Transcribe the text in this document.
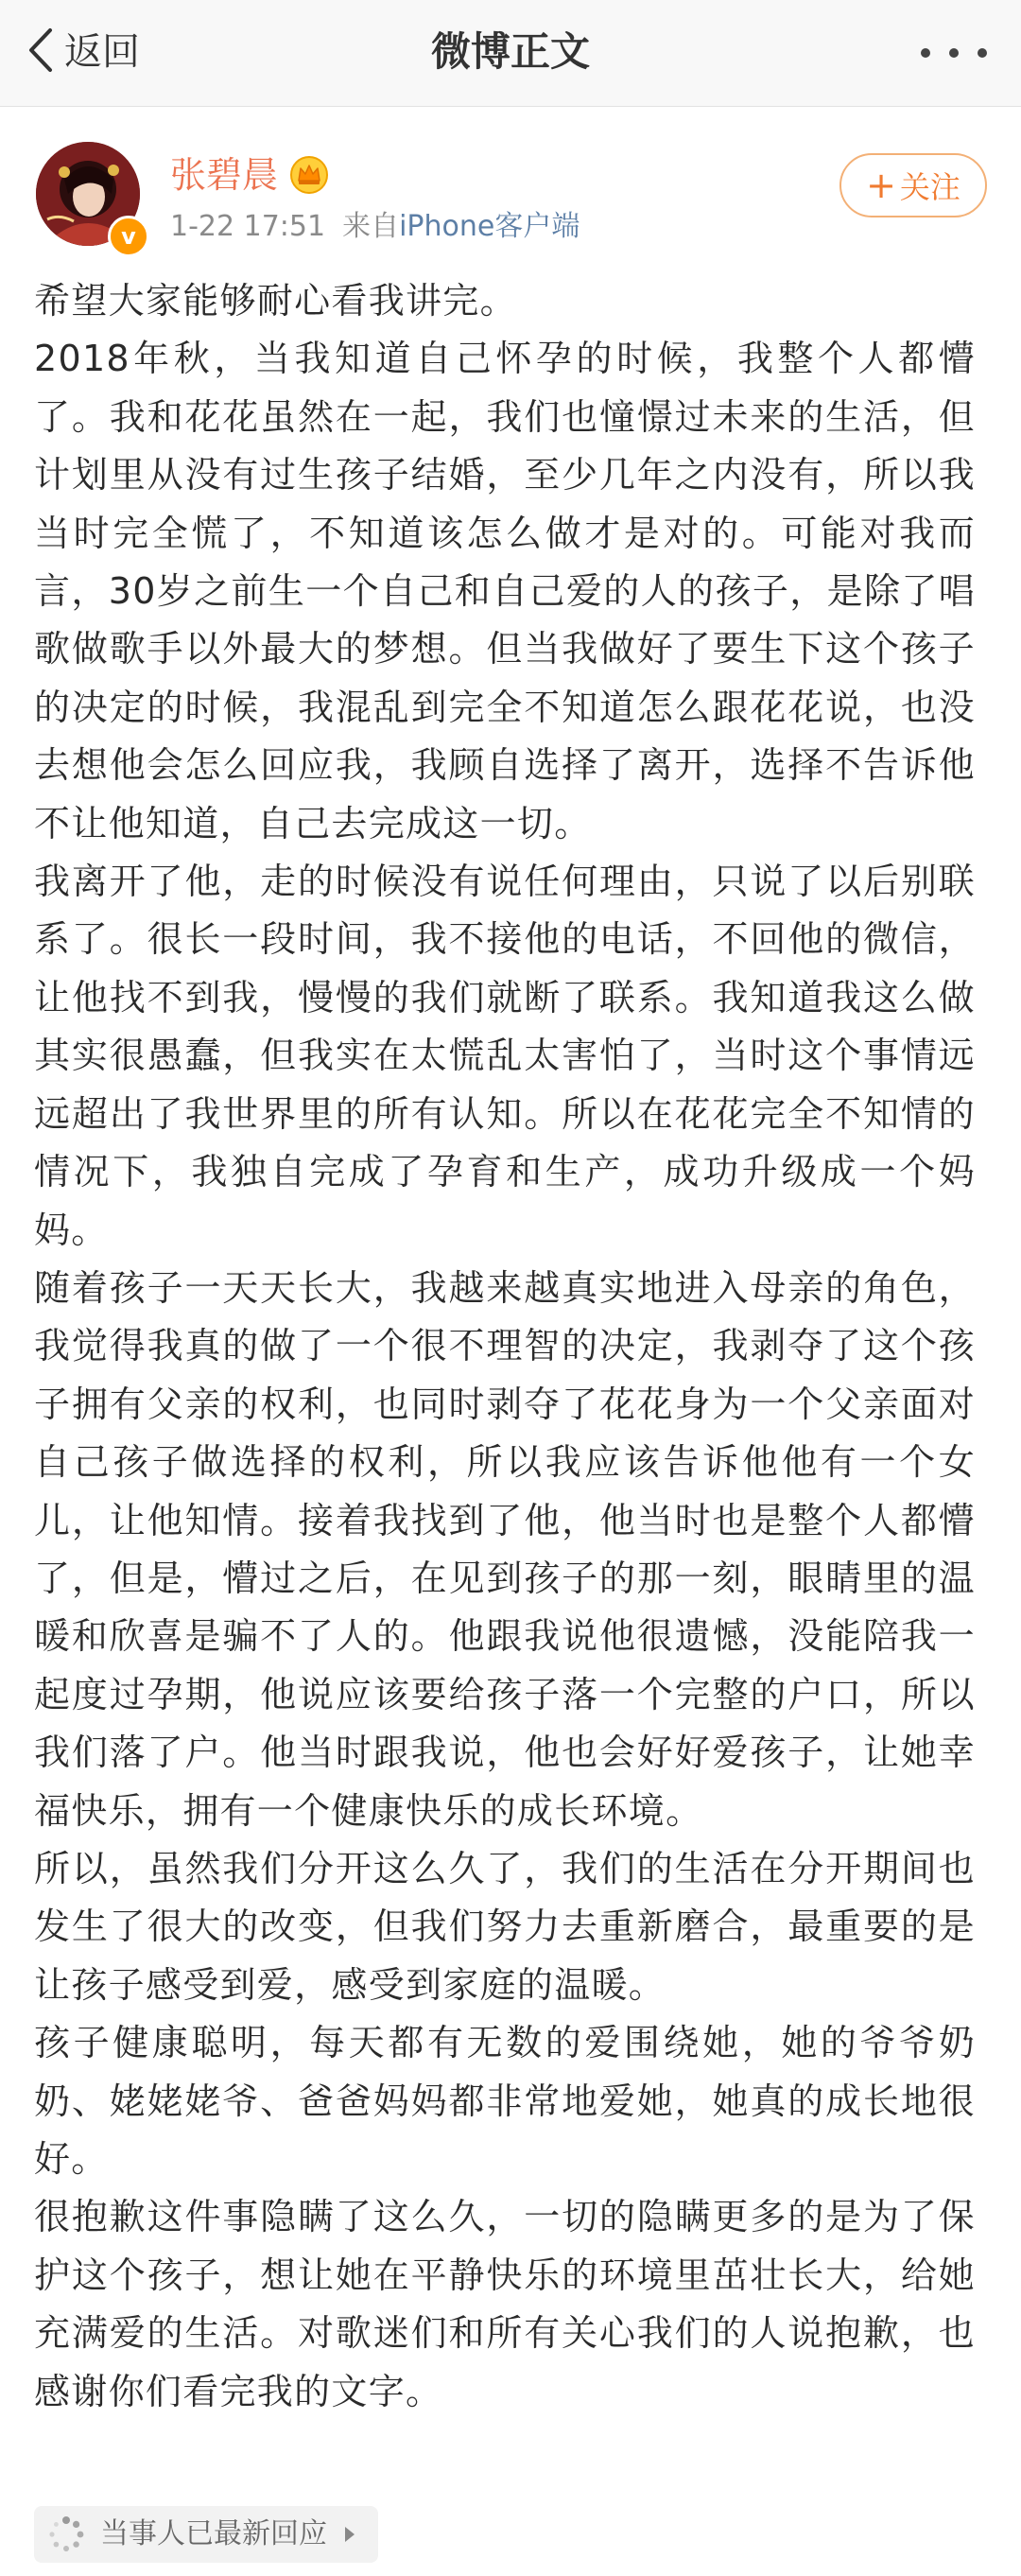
返回	微博正文
v
张碧晨
1-22 17:51 来自iPhone客户端
+ 关注

希望大家能够耐心看我讲完。

2018年秋，当我知道自己怀孕的时候，我整个人都懵了。我和花花虽然在一起，我们也憧憬过未来的生活，但计划里从没有过生孩子结婚，至少几年之内没有，所以我当时完全慌了，不知道该怎么做才是对的。可能对我而言，30岁之前生一个自己和自己爱的人的孩子，是除了唱歌做歌手以外最大的梦想。但当我做好了要生下这个孩子的决定的时候，我混乱到完全不知道怎么跟花花说，也没去想他会怎么回应我，我顾自选择了离开，选择不告诉他不让他知道，自己去完成这一切。

我离开了他，走的时候没有说任何理由，只说了以后别联系了。很长一段时间，我不接他的电话，不回他的微信，让他找不到我，慢慢的我们就断了联系。我知道我这么做其实很愚蠢，但我实在太慌乱太害怕了，当时这个事情远远超出了我世界里的所有认知。所以在花花完全不知情的情况下，我独自完成了孕育和生产，成功升级成一个妈妈。

随着孩子一天天长大，我越来越真实地进入母亲的角色，我觉得我真的做了一个很不理智的决定，我剥夺了这个孩子拥有父亲的权利，也同时剥夺了花花身为一个父亲面对自己孩子做选择的权利，所以我应该告诉他他有一个女儿，让他知情。接着我找到了他，他当时也是整个人都懵了，但是，懵过之后，在见到孩子的那一刻，眼睛里的温暖和欣喜是骗不了人的。他跟我说他很遗憾，没能陪我一起度过孕期，他说应该要给孩子落一个完整的户口，所以我们落了户。他当时跟我说，他也会好好爱孩子，让她幸福快乐，拥有一个健康快乐的成长环境。

所以，虽然我们分开这么久了，我们的生活在分开期间也发生了很大的改变，但我们努力去重新磨合，最重要的是让孩子感受到爱，感受到家庭的温暖。

孩子健康聪明，每天都有无数的爱围绕她，她的爷爷奶奶、姥姥姥爷、爸爸妈妈都非常地爱她，她真的成长地很好。

很抱歉这件事隐瞒了这么久，一切的隐瞒更多的是为了保护这个孩子，想让她在平静快乐的环境里茁壮长大，给她充满爱的生活。对歌迷们和所有关心我们的人说抱歉，也感谢你们看完我的文字。

当事人已最新回应
